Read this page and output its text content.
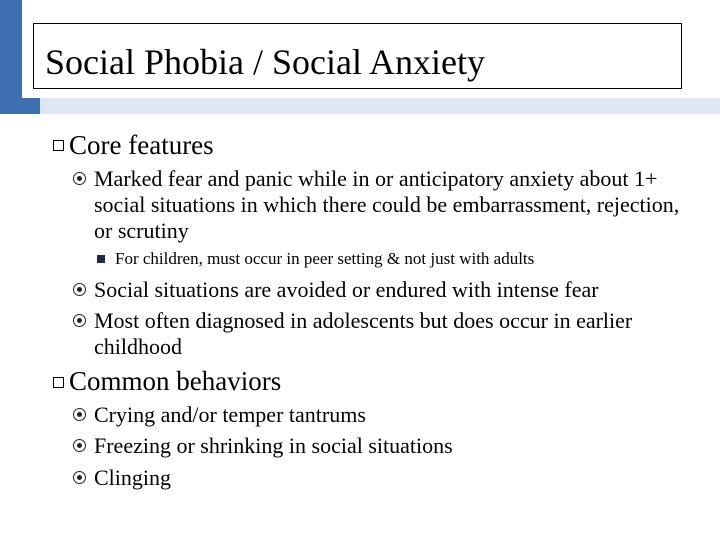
Social Phobia / Social Anxiety
Core features
Marked fear and panic while in or anticipatory anxiety about 1+ social situations in which there could be embarrassment, rejection, or scrutiny
For children, must occur in peer setting & not just with adults
Social situations are avoided or endured with intense fear
Most often diagnosed in adolescents but does occur in earlier childhood
Common behaviors
Crying and/or temper tantrums
Freezing or shrinking in social situations
Clinging
